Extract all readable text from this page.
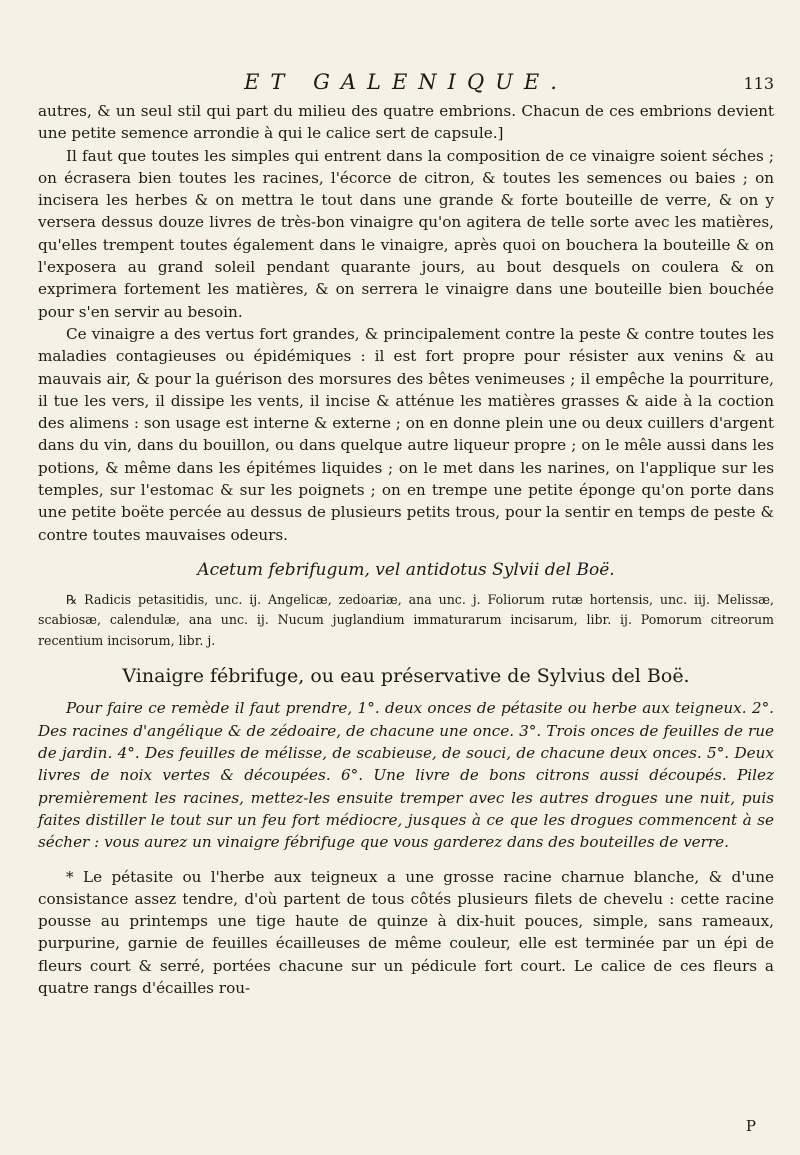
ET GALENIQUE.	113

autres, & un seul stil qui part du milieu des quatre embrions. Chacun de ces embrions devient une petite semence arrondie à qui le calice sert de capsule.]

Il faut que toutes les simples qui entrent dans la composition de ce vinaigre soient séches ; on écrasera bien toutes les racines, l'écorce de citron, & toutes les semences ou baies ; on incisera les herbes & on mettra le tout dans une grande & forte bouteille de verre, & on y versera dessus douze livres de très-bon vinaigre qu'on agitera de telle sorte avec les matières, qu'elles trempent toutes également dans le vinaigre, après quoi on bouchera la bouteille & on l'exposera au grand soleil pendant quarante jours, au bout desquels on coulera & on exprimera fortement les matières, & on serrera le vinaigre dans une bouteille bien bouchée pour s'en servir au besoin.

Ce vinaigre a des vertus fort grandes, & principalement contre la peste & contre toutes les maladies contagieuses ou épidémiques : il est fort propre pour résister aux venins & au mauvais air, & pour la guérison des morsures des bêtes venimeuses ; il empêche la pourriture, il tue les vers, il dissipe les vents, il incise & atténue les matières grasses & aide à la coction des alimens : son usage est interne & externe ; on en donne plein une ou deux cuillers d'argent dans du vin, dans du bouillon, ou dans quelque autre liqueur propre ; on le mêle aussi dans les potions, & même dans les épitémes liquides ; on le met dans les narines, on l'applique sur les temples, sur l'estomac & sur les poignets ; on en trempe une petite éponge qu'on porte dans une petite boëte percée au dessus de plusieurs petits trous, pour la sentir en temps de peste & contre toutes mauvaises odeurs.

Acetum febrifugum, vel antidotus Sylvii del Boë.

℞ Radicis petasitidis, unc. ij. Angelicæ, zedoariæ, ana unc. j. Foliorum rutæ hortensis, unc. iij. Melissæ, scabiosæ, calendulæ, ana unc. ij. Nucum juglandium immaturarum incisarum, libr. ij. Pomorum citreorum recentium incisorum, libr. j.

Vinaigre fébrifuge, ou eau préservative de Sylvius del Boë.

Pour faire ce remède il faut prendre, 1°. deux onces de pétasite ou herbe aux teigneux. 2°. Des racines d'angélique & de zédoaire, de chacune une once. 3°. Trois onces de feuilles de rue de jardin. 4°. Des feuilles de mélisse, de scabieuse, de souci, de chacune deux onces. 5°. Deux livres de noix vertes & découpées. 6°. Une livre de bons citrons aussi découpés. Pilez premièrement les racines, mettez-les ensuite tremper avec les autres drogues une nuit, puis faites distiller le tout sur un feu fort médiocre, jusques à ce que les drogues commencent à se sécher : vous aurez un vinaigre fébrifuge que vous garderez dans des bouteilles de verre.

* Le pétasite ou l'herbe aux teigneux a une grosse racine charnue blanche, & d'une consistance assez tendre, d'où partent de tous côtés plusieurs filets de chevelu : cette racine pousse au printemps une tige haute de quinze à dix-huit pouces, simple, sans rameaux, purpurine, garnie de feuilles écailleuses de même couleur, elle est terminée par un épi de fleurs court & serré, portées chacune sur un pédicule fort court. Le calice de ces fleurs a quatre rangs d'écailles rou-

P
